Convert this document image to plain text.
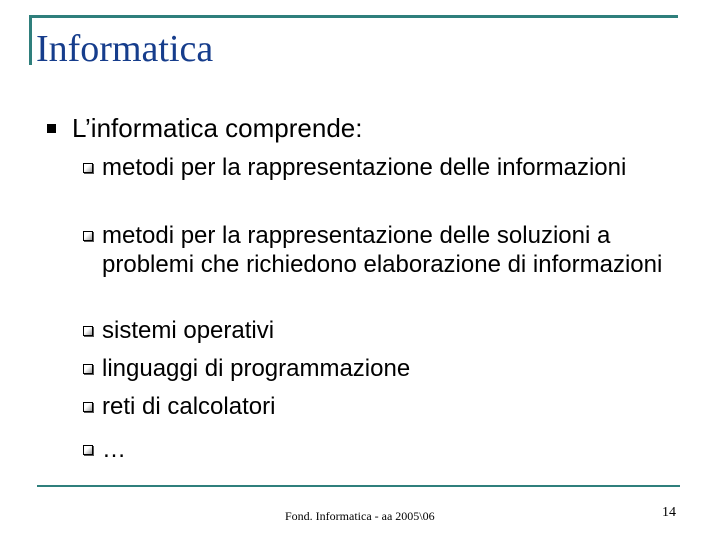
Informatica
L’informatica comprende:
metodi per la rappresentazione delle informazioni
metodi per la rappresentazione delle soluzioni a problemi che richiedono elaborazione di informazioni
sistemi operativi
linguaggi di programmazione
reti di calcolatori
…
Fond. Informatica - aa 2005\06	14
